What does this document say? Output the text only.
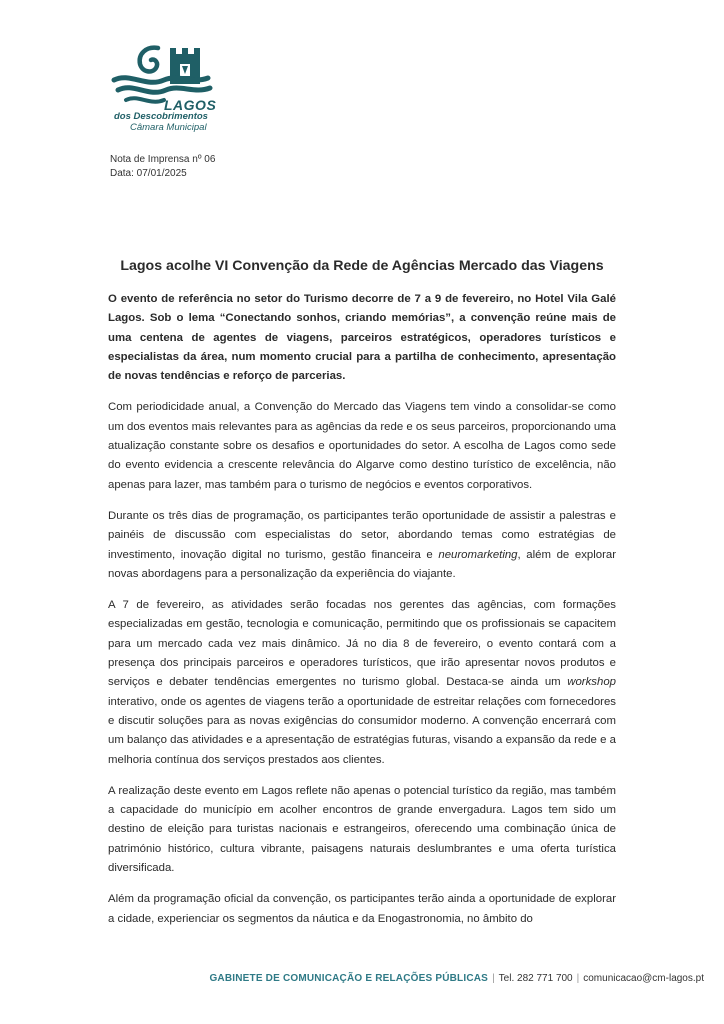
LAGOS
dos Descobrimentos
Câmara Municipal
Nota de Imprensa nº 06
Data: 07/01/2025
Lagos acolhe VI Convenção da Rede de Agências Mercado das Viagens

O evento de referência no setor do Turismo decorre de 7 a 9 de fevereiro, no Hotel Vila Galé Lagos. Sob o lema “Conectando sonhos, criando memórias”, a convenção reúne mais de uma centena de agentes de viagens, parceiros estratégicos, operadores turísticos e especialistas da área, num momento crucial para a partilha de conhecimento, apresentação de novas tendências e reforço de parcerias.

Com periodicidade anual, a Convenção do Mercado das Viagens tem vindo a consolidar-se como um dos eventos mais relevantes para as agências da rede e os seus parceiros, proporcionando uma atualização constante sobre os desafios e oportunidades do setor. A escolha de Lagos como sede do evento evidencia a crescente relevância do Algarve como destino turístico de excelência, não apenas para lazer, mas também para o turismo de negócios e eventos corporativos.

Durante os três dias de programação, os participantes terão oportunidade de assistir a palestras e painéis de discussão com especialistas do setor, abordando temas como estratégias de investimento, inovação digital no turismo, gestão financeira e neuromarketing, além de explorar novas abordagens para a personalização da experiência do viajante.

A 7 de fevereiro, as atividades serão focadas nos gerentes das agências, com formações especializadas em gestão, tecnologia e comunicação, permitindo que os profissionais se capacitem para um mercado cada vez mais dinâmico. Já no dia 8 de fevereiro, o evento contará com a presença dos principais parceiros e operadores turísticos, que irão apresentar novos produtos e serviços e debater tendências emergentes no turismo global. Destaca-se ainda um workshop interativo, onde os agentes de viagens terão a oportunidade de estreitar relações com fornecedores e discutir soluções para as novas exigências do consumidor moderno. A convenção encerrará com um balanço das atividades e a apresentação de estratégias futuras, visando a expansão da rede e a melhoria contínua dos serviços prestados aos clientes.

A realização deste evento em Lagos reflete não apenas o potencial turístico da região, mas também a capacidade do município em acolher encontros de grande envergadura. Lagos tem sido um destino de eleição para turistas nacionais e estrangeiros, oferecendo uma combinação única de património histórico, cultura vibrante, paisagens naturais deslumbrantes e uma oferta turística diversificada.

Além da programação oficial da convenção, os participantes terão ainda a oportunidade de explorar a cidade, experienciar os segmentos da náutica e da Enogastronomia, no âmbito do

GABINETE DE COMUNICAÇÃO E RELAÇÕES PÚBLICAS | Tel. 282 771 700 | comunicacao@cm-lagos.pt
